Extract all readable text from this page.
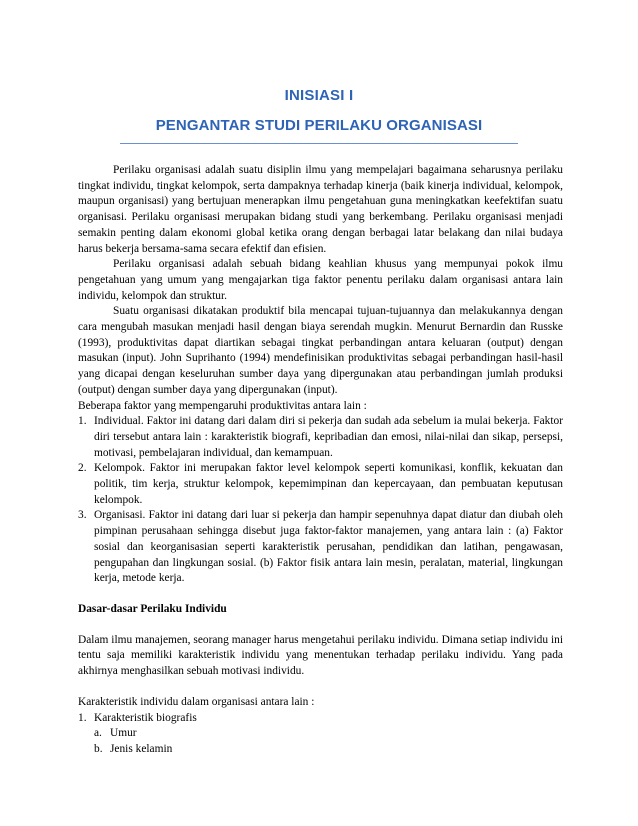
INISIASI I
PENGANTAR STUDI PERILAKU ORGANISASI

Perilaku organisasi adalah suatu disiplin ilmu yang mempelajari bagaimana seharusnya perilaku tingkat individu, tingkat kelompok, serta dampaknya terhadap kinerja (baik kinerja individual, kelompok, maupun organisasi) yang bertujuan menerapkan ilmu pengetahuan guna meningkatkan keefektifan suatu organisasi. Perilaku organisasi merupakan bidang studi yang berkembang. Perilaku organisasi menjadi semakin penting dalam ekonomi global ketika orang dengan berbagai latar belakang dan nilai budaya harus bekerja bersama-sama secara efektif dan efisien.

Perilaku organisasi adalah sebuah bidang keahlian khusus yang mempunyai pokok ilmu pengetahuan yang umum yang mengajarkan tiga faktor penentu perilaku dalam organisasi antara lain individu, kelompok dan struktur.

Suatu organisasi dikatakan produktif bila mencapai tujuan-tujuannya dan melakukannya dengan cara mengubah masukan menjadi hasil dengan biaya serendah mugkin. Menurut Bernardin dan Russke (1993), produktivitas dapat diartikan sebagai tingkat perbandingan antara keluaran (output) dengan masukan (input). John Suprihanto (1994) mendefinisikan produktivitas sebagai perbandingan hasil-hasil yang dicapai dengan keseluruhan sumber daya yang dipergunakan atau perbandingan jumlah produksi (output) dengan sumber daya yang dipergunakan (input).

Beberapa faktor yang mempengaruhi produktivitas antara lain :

1. Individual. Faktor ini datang dari dalam diri si pekerja dan sudah ada sebelum ia mulai bekerja. Faktor diri tersebut antara lain : karakteristik biografi, kepribadian dan emosi, nilai-nilai dan sikap, persepsi, motivasi, pembelajaran individual, dan kemampuan.
2. Kelompok. Faktor ini merupakan faktor level kelompok seperti komunikasi, konflik, kekuatan dan politik, tim kerja, struktur kelompok, kepemimpinan dan kepercayaan, dan pembuatan keputusan kelompok.
3. Organisasi. Faktor ini datang dari luar si pekerja dan hampir sepenuhnya dapat diatur dan diubah oleh pimpinan perusahaan sehingga disebut juga faktor-faktor manajemen, yang antara lain : (a) Faktor sosial dan keorganisasian seperti karakteristik perusahan, pendidikan dan latihan, pengawasan, pengupahan dan lingkungan sosial. (b) Faktor fisik antara lain mesin, peralatan, material, lingkungan kerja, metode kerja.

Dasar-dasar Perilaku Individu

Dalam ilmu manajemen, seorang manager harus mengetahui perilaku individu. Dimana setiap individu ini tentu saja memiliki karakteristik individu yang menentukan terhadap perilaku individu. Yang pada akhirnya menghasilkan sebuah motivasi individu.

Karakteristik individu dalam organisasi antara lain :

1. Karakteristik biografis
a. Umur
b. Jenis kelamin
